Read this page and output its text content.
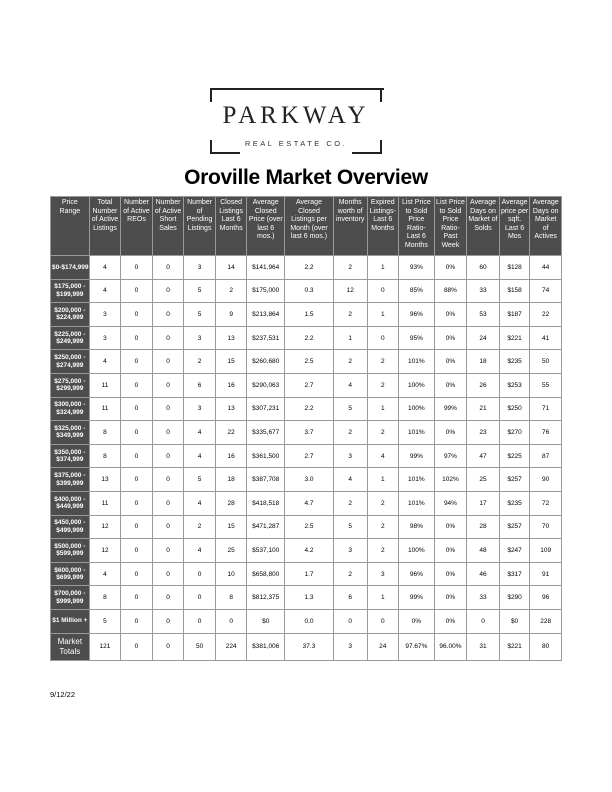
PARKWAY
REAL ESTATE CO.
Oroville Market Overview
Price Range	Total Number of Active Listings	Number of Active REOs	Number of Active Short Sales	Number of Pending Listings	Closed Listings Last 6 Months	Average Closed Price (over last 6 mos.)	Average Closed Listings per Month (over last 6 mos.)	Months worth of inventory	Expired Listings- Last 6 Months	List Price to Sold Price Ratio- Last 6 Months	List Price to Sold Price Ratio- Past Week	Average Days on Market of Solds	Average price per sqft. Last 6 Mos	Average Days on Market of Actives
$0-$174,999	4	0	0	3	14	$141,964	2.2	2	1	93%	0%	60	$128	44
$175,000 - $199,999	4	0	0	5	2	$175,000	0.3	12	0	85%	88%	33	$158	74
$200,000 - $224,999	3	0	0	5	9	$213,864	1.5	2	1	96%	0%	53	$187	22
$225,000 - $249,999	3	0	0	3	13	$237,531	2.2	1	0	95%	0%	24	$221	41
$250,000 - $274,999	4	0	0	2	15	$260,680	2.5	2	2	101%	0%	18	$235	50
$275,000 - $299,999	11	0	0	6	16	$290,063	2.7	4	2	100%	0%	26	$253	55
$300,000 - $324,999	11	0	0	3	13	$307,231	2.2	5	1	100%	99%	21	$250	71
$325,000 - $349,999	8	0	0	4	22	$335,677	3.7	2	2	101%	0%	23	$270	76
$350,000 - $374,999	8	0	0	4	16	$361,500	2.7	3	4	99%	97%	47	$225	87
$375,000 - $399,999	13	0	0	5	18	$387,708	3.0	4	1	101%	102%	25	$257	90
$400,000 - $449,999	11	0	0	4	28	$418,518	4.7	2	2	101%	94%	17	$235	72
$450,000 - $499,999	12	0	0	2	15	$471,287	2.5	5	2	98%	0%	28	$257	70
$500,000 - $599,999	12	0	0	4	25	$537,100	4.2	3	2	100%	0%	48	$247	109
$600,000 - $699,999	4	0	0	0	10	$658,800	1.7	2	3	96%	0%	46	$317	91
$700,000 - $999,999	8	0	0	0	8	$812,375	1.3	6	1	99%	0%	33	$290	96
$1 Million +	5	0	0	0	0	$0	0.0	0	0	0%	0%	0	$0	228
Market Totals	121	0	0	50	224	$381,006	37.3	3	24	97.67%	96.00%	31	$221	80
9/12/22
